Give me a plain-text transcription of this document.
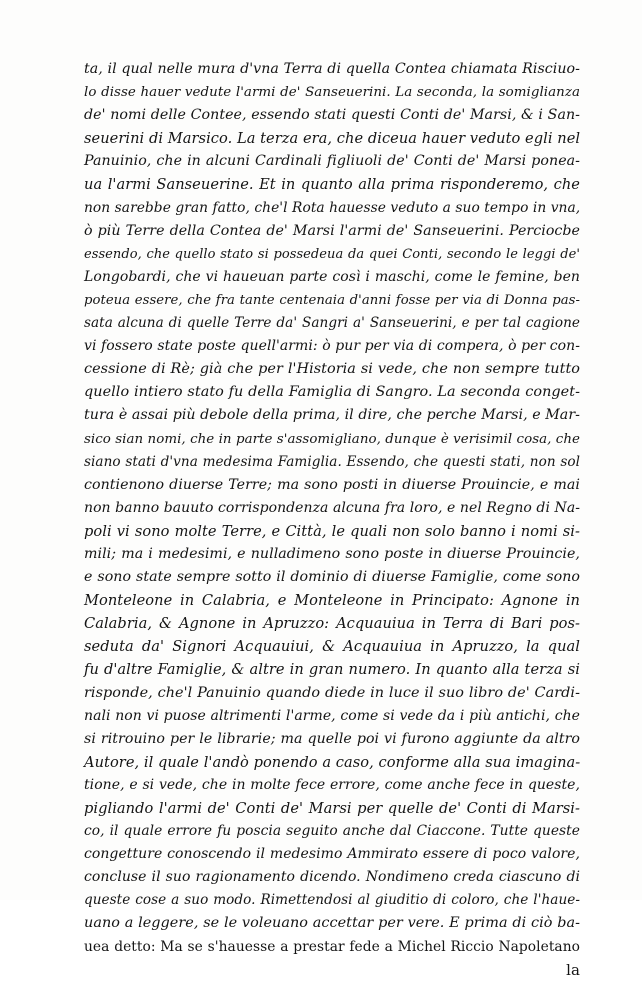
ta, il qual nelle mura d'vna Terra di quella Contea chiamata Risciuo-
lo disse hauer vedute l'armi de' Sanseuerini. La seconda, la somiglianza
de' nomi delle Contee, essendo stati questi Conti de' Marsi, & i San-
seuerini di Marsico. La terza era, che diceua hauer veduto egli nel
Panuinio, che in alcuni Cardinali figliuoli de' Conti de' Marsi ponea-
ua l'armi Sanseuerine. Et in quanto alla prima risponderemo, che
non sarebbe gran fatto, che'l Rota hauesse veduto a suo tempo in vna,
ò più Terre della Contea de' Marsi l'armi de' Sanseuerini. Perciocbe
essendo, che quello stato si possedeua da quei Conti, secondo le leggi de'
Longobardi, che vi haueuan parte così i maschi, come le femine, ben
poteua essere, che fra tante centenaia d'anni fosse per via di Donna pas-
sata alcuna di quelle Terre da' Sangri a' Sanseuerini, e per tal cagione
vi fossero state poste quell'armi: ò pur per via di compera, ò per con-
cessione di Rè; già che per l'Historia si vede, che non sempre tutto
quello intiero stato fu della Famiglia di Sangro. La seconda conget-
tura è assai più debole della prima, il dire, che perche Marsi, e Mar-
sico sian nomi, che in parte s'assomigliano, dunque è verisimil cosa, che
siano stati d'vna medesima Famiglia. Essendo, che questi stati, non sol
contienono diuerse Terre; ma sono posti in diuerse Prouincie, e mai
non banno bauuto corrispondenza alcuna fra loro, e nel Regno di Na-
poli vi sono molte Terre, e Città, le quali non solo banno i nomi si-
mili; ma i medesimi, e nulladimeno sono poste in diuerse Prouincie,
e sono state sempre sotto il dominio di diuerse Famiglie, come sono
Monteleone in Calabria, e Monteleone in Principato: Agnone in
Calabria, & Agnone in Apruzzo: Acquauiua in Terra di Bari pos-
seduta da' Signori Acquauiui, & Acquauiua in Apruzzo, la qual
fu d'altre Famiglie, & altre in gran numero. In quanto alla terza si
risponde, che'l Panuinio quando diede in luce il suo libro de' Cardi-
nali non vi puose altrimenti l'arme, come si vede da i più antichi, che
si ritrouino per le librarie; ma quelle poi vi furono aggiunte da altro
Autore, il quale l'andò ponendo a caso, conforme alla sua imagina-
tione, e si vede, che in molte fece errore, come anche fece in queste,
pigliando l'armi de' Conti de' Marsi per quelle de' Conti di Marsi-
co, il quale errore fu poscia seguito anche dal Ciaccone. Tutte queste
congetture conoscendo il medesimo Ammirato essere di poco valore,
concluse il suo ragionamento dicendo. Nondimeno creda ciascuno di
queste cose a suo modo. Rimettendosi al giuditio di coloro, che l'haue-
uano a leggere, se le voleuano accettar per vere. E prima di ciò ba-
uea detto: Ma se s'hauesse a prestar fede a Michel Riccio Napoletano
la
